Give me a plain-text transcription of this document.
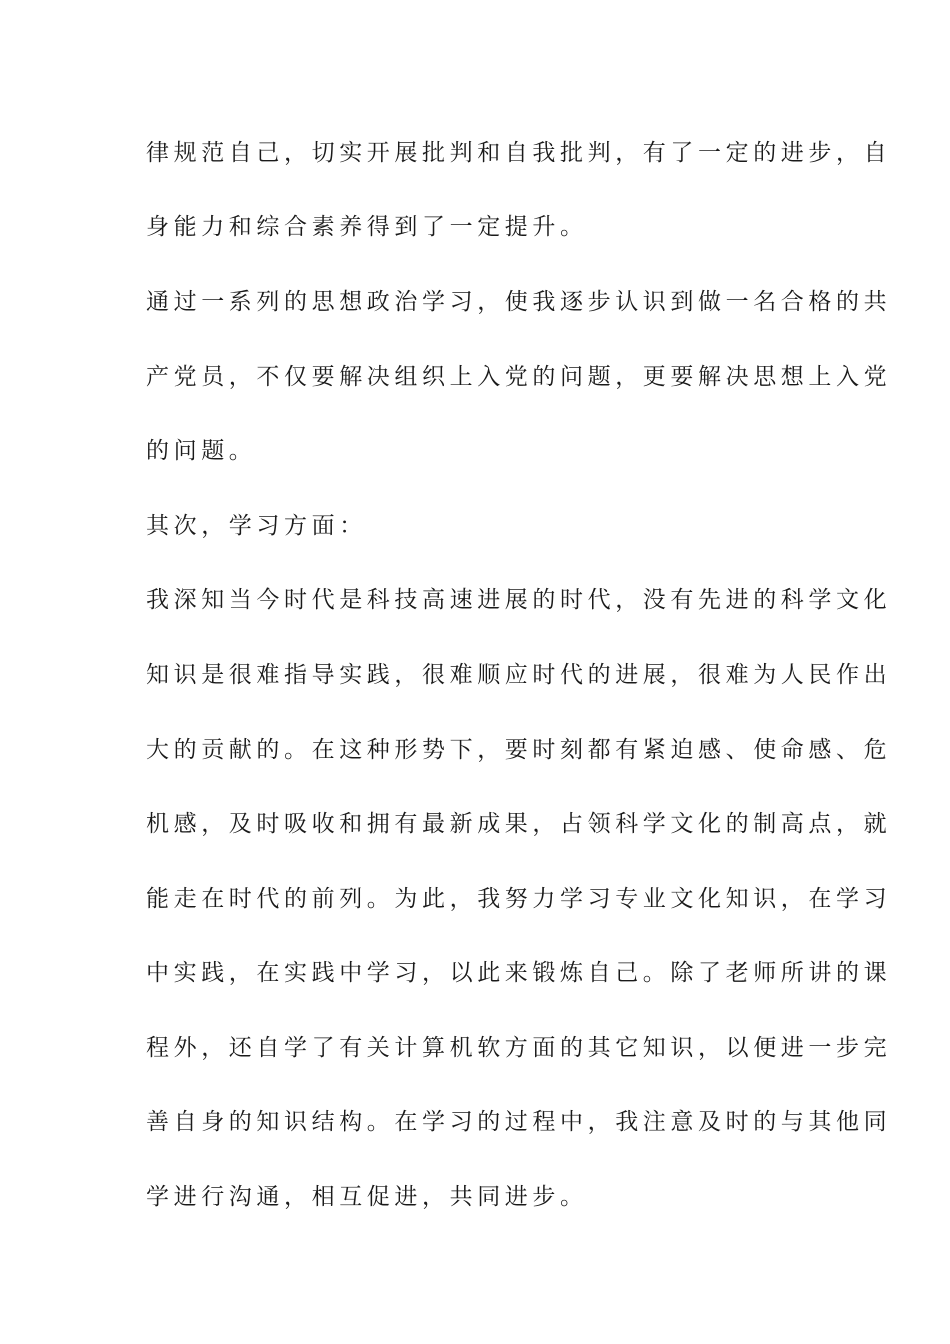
律规范自己，切实开展批判和自我批判，有了一定的进步，自
身能力和综合素养得到了一定提升。
通过一系列的思想政治学习，使我逐步认识到做一名合格的共
产党员，不仅要解决组织上入党的问题，更要解决思想上入党
的问题。
其次，学习方面：
我深知当今时代是科技高速进展的时代，没有先进的科学文化
知识是很难指导实践，很难顺应时代的进展，很难为人民作出
大的贡献的。在这种形势下，要时刻都有紧迫感、使命感、危
机感，及时吸收和拥有最新成果，占领科学文化的制高点，就
能走在时代的前列。为此，我努力学习专业文化知识，在学习
中实践，在实践中学习，以此来锻炼自己。除了老师所讲的课
程外，还自学了有关计算机软方面的其它知识，以便进一步完
善自身的知识结构。在学习的过程中，我注意及时的与其他同
学进行沟通，相互促进，共同进步。
